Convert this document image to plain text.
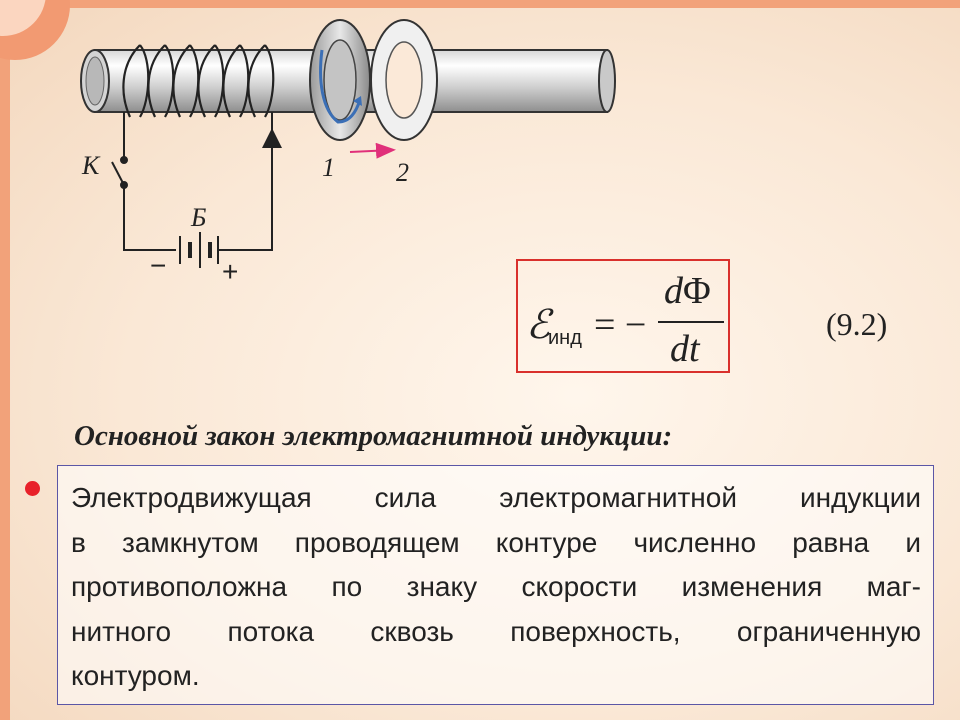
К
Б
− +
1 2
ℰ
инд = −
dΦ
dt
(9.2)
Основной закон электромагнитной индукции:
Электродвижущая сила электромагнитной индукции
в замкнутом проводящем контуре численно равна и
противоположна по знаку скорости изменения маг-
нитного потока сквозь поверхность, ограниченную
контуром.
